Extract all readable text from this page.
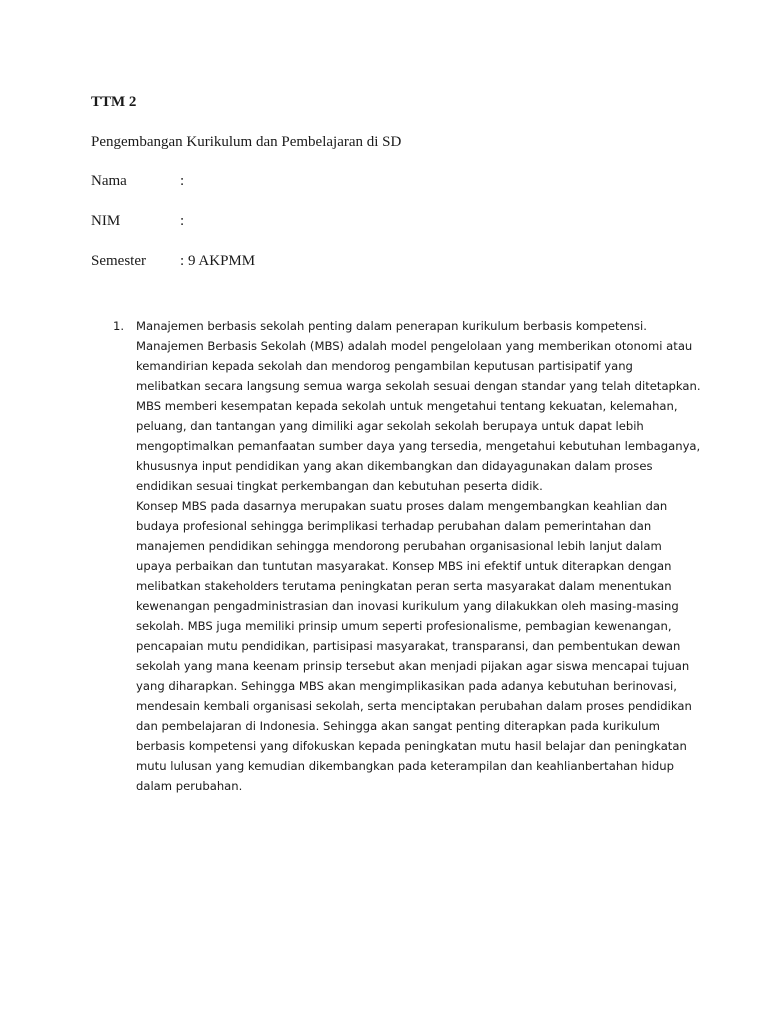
TTM 2
Pengembangan Kurikulum dan Pembelajaran di SD
Nama	:
NIM	:
Semester : 9 AKPMM
1.	Manajemen berbasis sekolah penting dalam penerapan kurikulum berbasis kompetensi.
Manajemen Berbasis Sekolah (MBS) adalah model pengelolaan yang memberikan otonomi atau
kemandirian kepada sekolah dan mendorog pengambilan keputusan partisipatif yang
melibatkan secara langsung semua warga sekolah sesuai dengan standar yang telah ditetapkan.
MBS memberi kesempatan kepada sekolah untuk mengetahui tentang kekuatan, kelemahan,
peluang, dan tantangan yang dimiliki agar sekolah sekolah berupaya untuk dapat lebih
mengoptimalkan pemanfaatan sumber daya yang tersedia, mengetahui kebutuhan lembaganya,
khususnya input pendidikan yang akan dikembangkan dan didayagunakan dalam proses
endidikan sesuai tingkat perkembangan dan kebutuhan peserta didik.
Konsep MBS pada dasarnya merupakan suatu proses dalam mengembangkan keahlian dan
budaya profesional sehingga berimplikasi terhadap perubahan dalam pemerintahan dan
manajemen pendidikan sehingga mendorong perubahan organisasional lebih lanjut dalam
upaya perbaikan dan tuntutan masyarakat. Konsep MBS ini efektif untuk diterapkan dengan
melibatkan stakeholders terutama peningkatan peran serta masyarakat dalam menentukan
kewenangan pengadministrasian dan inovasi kurikulum yang dilakukkan oleh masing-masing
sekolah. MBS juga memiliki prinsip umum seperti profesionalisme, pembagian kewenangan,
pencapaian mutu pendidikan, partisipasi masyarakat, transparansi, dan pembentukan dewan
sekolah yang mana keenam prinsip tersebut akan menjadi pijakan agar siswa mencapai tujuan
yang diharapkan. Sehingga MBS akan mengimplikasikan pada adanya kebutuhan berinovasi,
mendesain kembali organisasi sekolah, serta menciptakan perubahan dalam proses pendidikan
dan pembelajaran di Indonesia. Sehingga akan sangat penting diterapkan pada kurikulum
berbasis kompetensi yang difokuskan kepada peningkatan mutu hasil belajar dan peningkatan
mutu lulusan yang kemudian dikembangkan pada keterampilan dan keahlianbertahan hidup
dalam perubahan.
